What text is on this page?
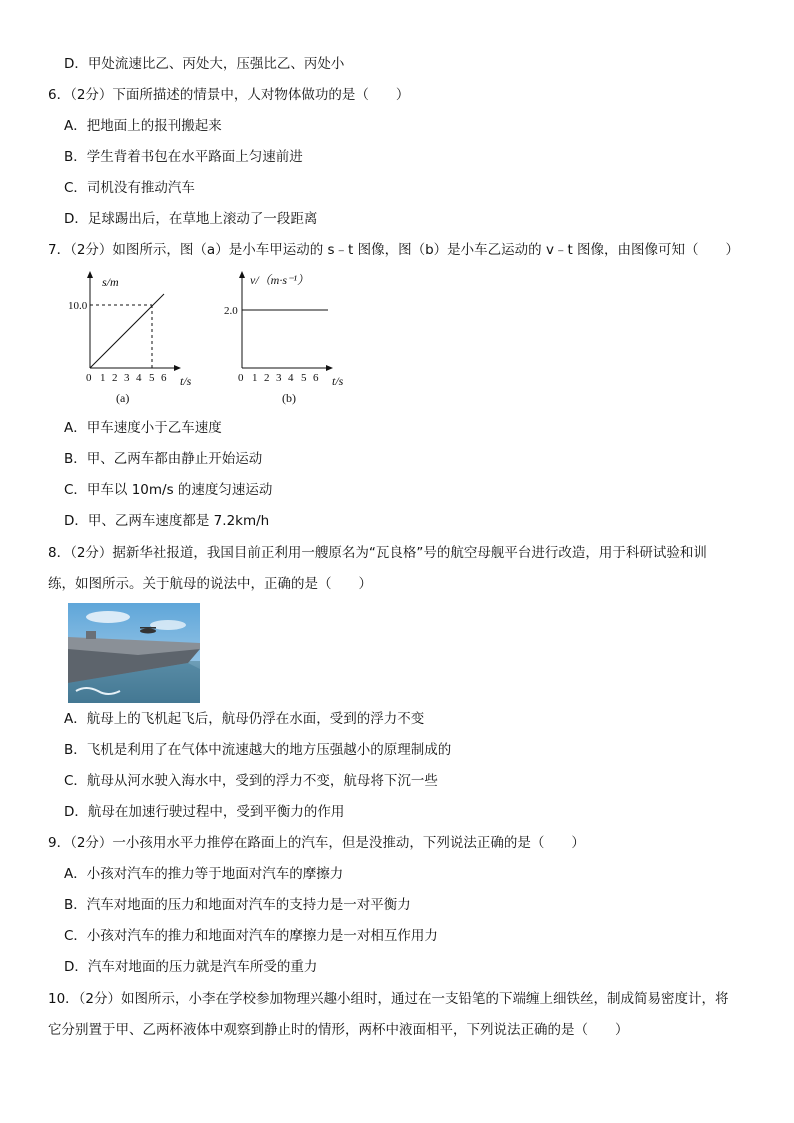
D．甲处流速比乙、丙处大，压强比乙、丙处小
6．（2分）下面所描述的情景中，人对物体做功的是（　　）
A．把地面上的报刊搬起来
B．学生背着书包在水平路面上匀速前进
C．司机没有推动汽车
D．足球踢出后，在草地上滚动了一段距离
7．（2分）如图所示，图（a）是小车甲运动的 s﹣t 图像，图（b）是小车乙运动的 v﹣t 图像，由图像可知（　　）
s/m
10.0
0 1 2 3 4 5 6 t/s
(a)
v/（m·s⁻¹）
2.0
0 1 2 3 4 5 6 t/s
(b)
A．甲车速度小于乙车速度
B．甲、乙两车都由静止开始运动
C．甲车以 10m/s 的速度匀速运动
D．甲、乙两车速度都是 7.2km/h
8．（2分）据新华社报道，我国目前正利用一艘原名为“瓦良格”号的航空母舰平台进行改造，用于科研试验和训
练，如图所示。关于航母的说法中，正确的是（　　）
A．航母上的飞机起飞后，航母仍浮在水面，受到的浮力不变
B．飞机是利用了在气体中流速越大的地方压强越小的原理制成的
C．航母从河水驶入海水中，受到的浮力不变，航母将下沉一些
D．航母在加速行驶过程中，受到平衡力的作用
9．（2分）一小孩用水平力推停在路面上的汽车，但是没推动，下列说法正确的是（　　）
A．小孩对汽车的推力等于地面对汽车的摩擦力
B．汽车对地面的压力和地面对汽车的支持力是一对平衡力
C．小孩对汽车的推力和地面对汽车的摩擦力是一对相互作用力
D．汽车对地面的压力就是汽车所受的重力
10．（2分）如图所示，小李在学校参加物理兴趣小组时，通过在一支铅笔的下端缠上细铁丝，制成简易密度计，将
它分别置于甲、乙两杯液体中观察到静止时的情形，两杯中液面相平，下列说法正确的是（　　）
